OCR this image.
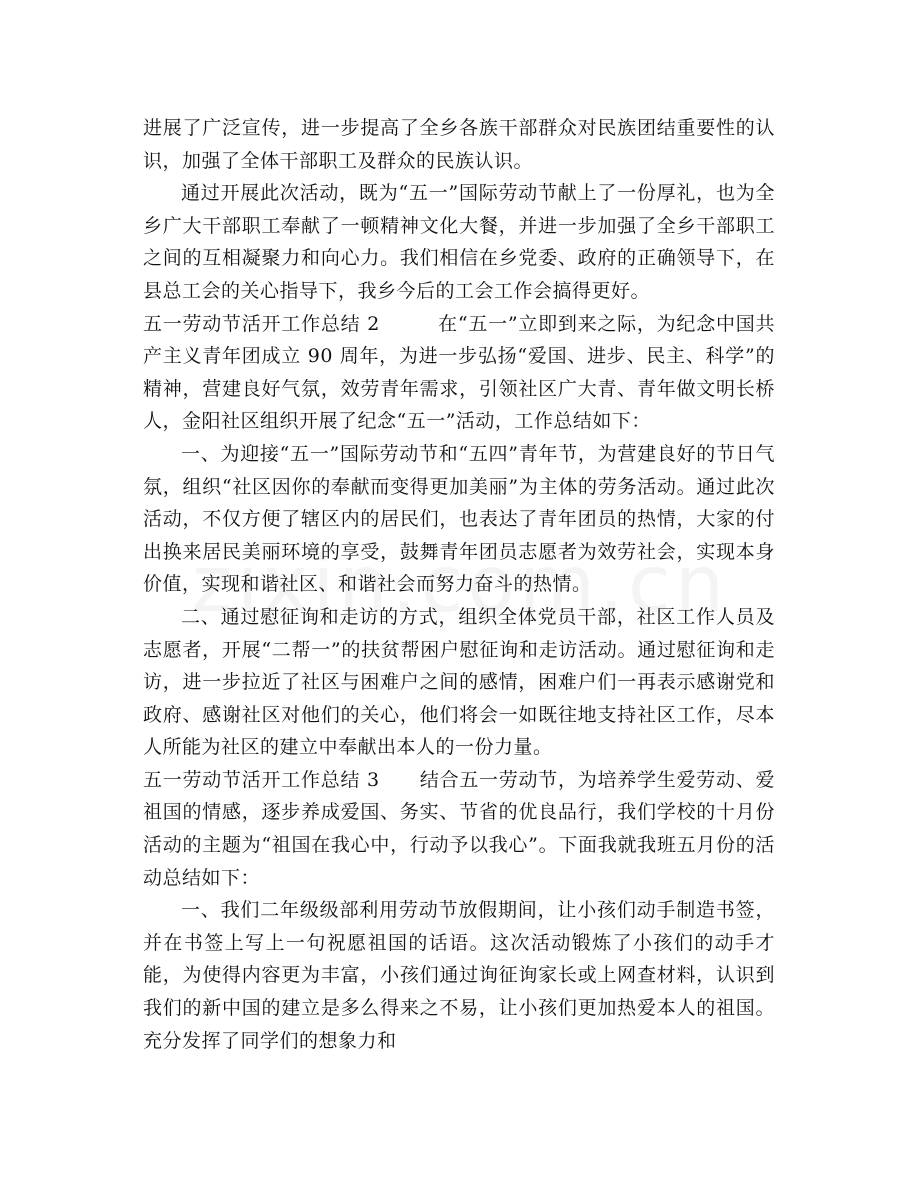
进展了广泛宣传，进一步提高了全乡各族干部群众对民族团结重要性的认识，加强了全体干部职工及群众的民族认识。

通过开展此次活动，既为“五一”国际劳动节献上了一份厚礼，也为全乡广大干部职工奉献了一顿精神文化大餐，并进一步加强了全乡干部职工之间的互相凝聚力和向心力。我们相信在乡党委、政府的正确领导下，在县总工会的关心指导下，我乡今后的工会工作会搞得更好。

五一劳动节活开工作总结 2	在“五一”立即到来之际，为纪念中国共产主义青年团成立 90 周年，为进一步弘扬“爱国、进步、民主、科学”的精神，营建良好气氛，效劳青年需求，引领社区广大青、青年做文明长桥人，金阳社区组织开展了纪念“五一”活动，工作总结如下：

一、为迎接“五一”国际劳动节和“五四”青年节，为营建良好的节日气氛，组织“社区因你的奉献而变得更加美丽”为主体的劳务活动。通过此次活动，不仅方便了辖区内的居民们，也表达了青年团员的热情，大家的付出换来居民美丽环境的享受，鼓舞青年团员志愿者为效劳社会，实现本身价值，实现和谐社区、和谐社会而努力奋斗的热情。

二、通过慰征询和走访的方式，组织全体党员干部，社区工作人员及志愿者，开展“二帮一”的扶贫帮困户慰征询和走访活动。通过慰征询和走访，进一步拉近了社区与困难户之间的感情，困难户们一再表示感谢党和政府、感谢社区对他们的关心，他们将会一如既往地支持社区工作，尽本人所能为社区的建立中奉献出本人的一份力量。

五一劳动节活开工作总结 3 结合五一劳动节，为培养学生爱劳动、爱祖国的情感，逐步养成爱国、务实、节省的优良品行，我们学校的十月份活动的主题为“祖国在我心中，行动予以我心”。下面我就我班五月份的活动总结如下：

一、我们二年级级部利用劳动节放假期间，让小孩们动手制造书签，并在书签上写上一句祝愿祖国的话语。这次活动锻炼了小孩们的动手才能，为使得内容更为丰富，小孩们通过询征询家长或上网查材料，认识到我们的新中国的建立是多么得来之不易，让小孩们更加热爱本人的祖国。充分发挥了同学们的想象力和
